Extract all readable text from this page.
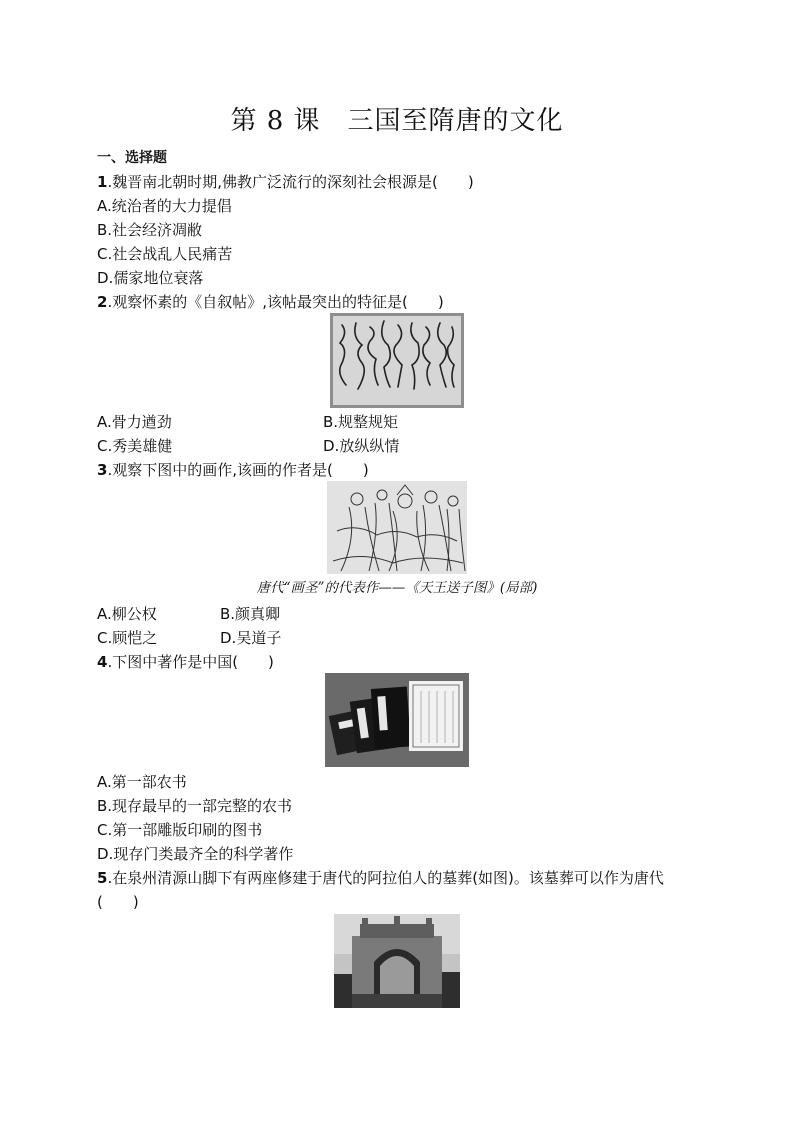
第 8 课　三国至隋唐的文化
一、选择题
1.魏晋南北朝时期,佛教广泛流行的深刻社会根源是(　　)
A.统治者的大力提倡
B.社会经济凋敝
C.社会战乱人民痛苦
D.儒家地位衰落
2.观察怀素的《自叙帖》,该帖最突出的特征是(　　)
A.骨力遒劲	B.规整规矩
C.秀美雄健	D.放纵纵情
3.观察下图中的画作,该画的作者是(　　)
唐代“画圣”的代表作——《天王送子图》(局部)
A.柳公权	B.颜真卿
C.顾恺之	D.吴道子
4.下图中著作是中国(　　)
A.第一部农书
B.现存最早的一部完整的农书
C.第一部雕版印刷的图书
D.现存门类最齐全的科学著作
5.在泉州清源山脚下有两座修建于唐代的阿拉伯人的墓葬(如图)。该墓葬可以作为唐代
(　　)
